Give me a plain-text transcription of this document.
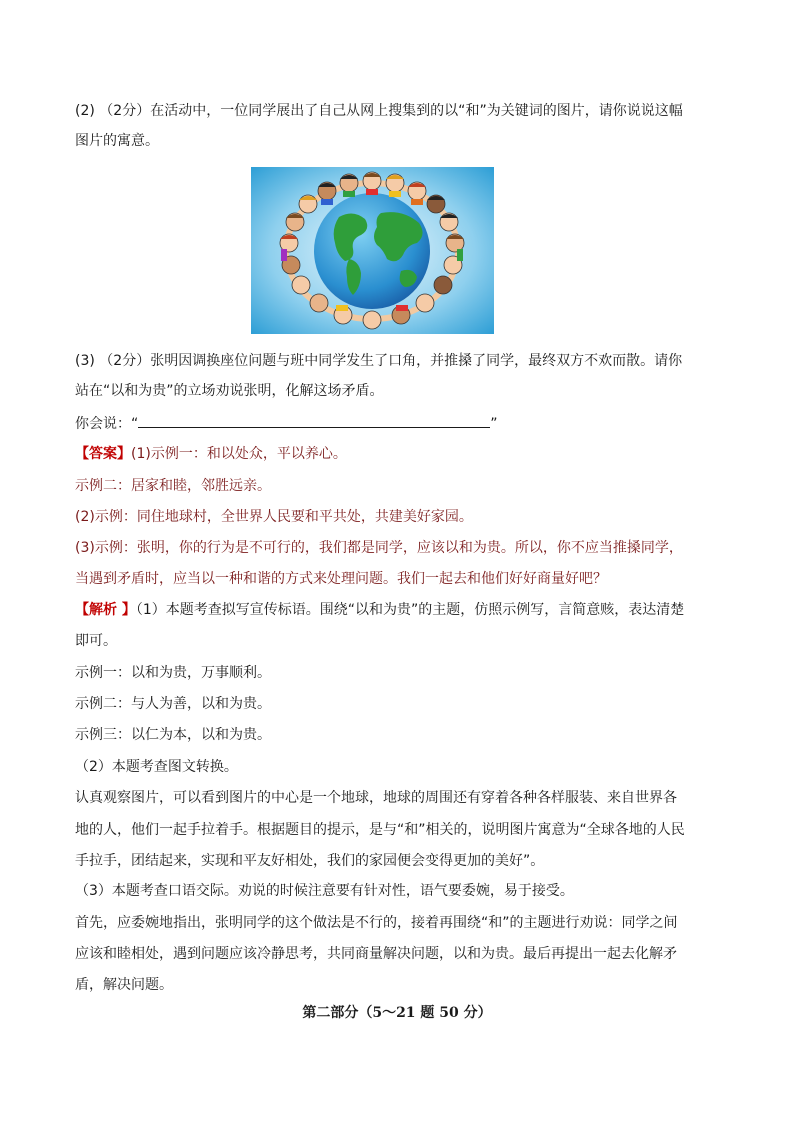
(2) （2分）在活动中，一位同学展出了自己从网上搜集到的以“和”为关键词的图片，请你说说这幅

图片的寓意。

(3) （2分）张明因调换座位问题与班中同学发生了口角，并推搡了同学，最终双方不欢而散。请你

站在“以和为贵”的立场劝说张明，化解这场矛盾。

你会说：“	”

【答案】(1)示例一：和以处众，平以养心。

示例二：居家和睦，邻胜远亲。

(2)示例：同住地球村，全世界人民要和平共处，共建美好家园。

(3)示例：张明，你的行为是不可行的，我们都是同学，应该以和为贵。所以，你不应当推搡同学，

当遇到矛盾时，应当以一种和谐的方式来处理问题。我们一起去和他们好好商量好吧？

【解析 】（1）本题考查拟写宣传标语。围绕“以和为贵”的主题，仿照示例写，言简意赅，表达清楚

即可。

示例一：以和为贵，万事顺利。

示例二：与人为善，以和为贵。

示例三：以仁为本，以和为贵。

（2）本题考查图文转换。

认真观察图片，可以看到图片的中心是一个地球，地球的周围还有穿着各种各样服装、来自世界各

地的人，他们一起手拉着手。根据题目的提示，是与“和”相关的，说明图片寓意为“全球各地的人民

手拉手，团结起来，实现和平友好相处，我们的家园便会变得更加的美好”。

（3）本题考查口语交际。劝说的时候注意要有针对性，语气要委婉，易于接受。

首先，应委婉地指出，张明同学的这个做法是不行的，接着再围绕“和”的主题进行劝说：同学之间

应该和睦相处，遇到问题应该冷静思考，共同商量解决问题，以和为贵。最后再提出一起去化解矛

盾，解决问题。

第二部分（5～21 题 50 分）
